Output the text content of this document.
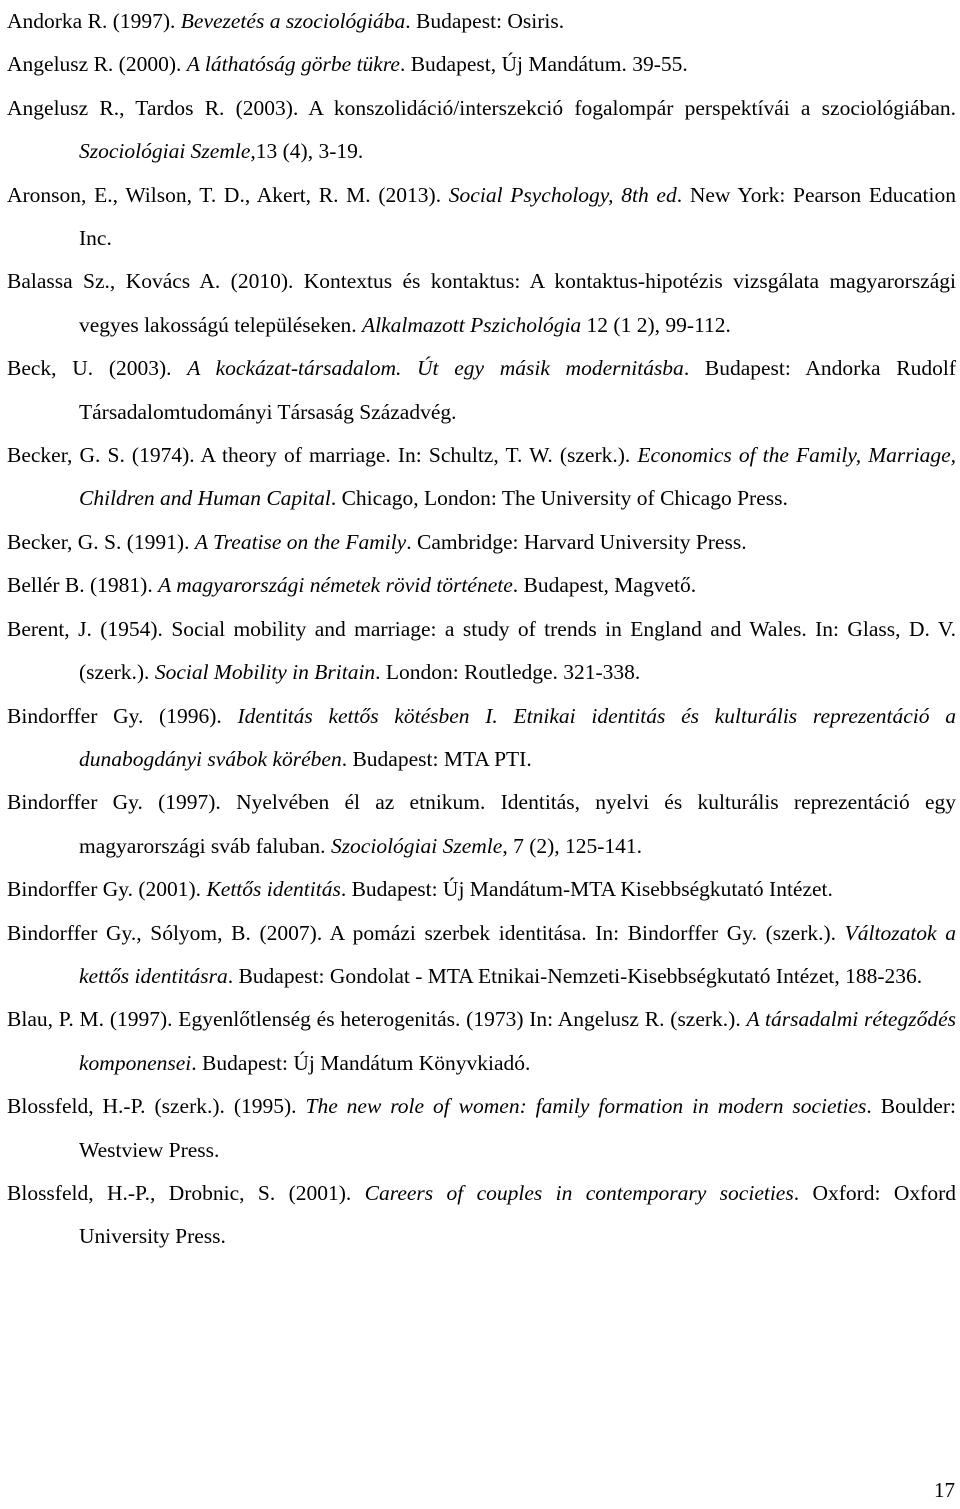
Andorka R. (1997). Bevezetés a szociológiába. Budapest: Osiris.

Angelusz R. (2000). A láthatóság görbe tükre. Budapest, Új Mandátum. 39-55.

Angelusz R., Tardos R. (2003). A konszolidáció/interszekció fogalompár perspektívái a szociológiában. Szociológiai Szemle,13 (4), 3-19.

Aronson, E., Wilson, T. D., Akert, R. M. (2013). Social Psychology, 8th ed. New York: Pearson Education Inc.

Balassa Sz., Kovács A. (2010). Kontextus és kontaktus: A kontaktus-hipotézis vizsgálata magyarországi vegyes lakosságú településeken. Alkalmazott Pszichológia 12 (1 2), 99-112.

Beck, U. (2003). A kockázat-társadalom. Út egy másik modernitásba. Budapest: Andorka Rudolf Társadalomtudományi Társaság Századvég.

Becker, G. S. (1974). A theory of marriage. In: Schultz, T. W. (szerk.). Economics of the Family, Marriage, Children and Human Capital. Chicago, London: The University of Chicago Press.

Becker, G. S. (1991). A Treatise on the Family. Cambridge: Harvard University Press.

Bellér B. (1981). A magyarországi németek rövid története. Budapest, Magvető.

Berent, J. (1954). Social mobility and marriage: a study of trends in England and Wales. In: Glass, D. V. (szerk.). Social Mobility in Britain. London: Routledge. 321-338.

Bindorffer Gy. (1996). Identitás kettős kötésben I. Etnikai identitás és kulturális reprezentáció a dunabogdányi svábok körében. Budapest: MTA PTI.

Bindorffer Gy. (1997). Nyelvében él az etnikum. Identitás, nyelvi és kulturális reprezentáció egy magyarországi sváb faluban. Szociológiai Szemle, 7 (2), 125-141.

Bindorffer Gy. (2001). Kettős identitás. Budapest: Új Mandátum-MTA Kisebbségkutató Intézet.

Bindorffer Gy., Sólyom, B. (2007). A pomázi szerbek identitása. In: Bindorffer Gy. (szerk.). Változatok a kettős identitásra. Budapest: Gondolat - MTA Etnikai-Nemzeti-Kisebbségkutató Intézet, 188-236.

Blau, P. M. (1997). Egyenlőtlenség és heterogenitás. (1973) In: Angelusz R. (szerk.). A társadalmi rétegződés komponensei. Budapest: Új Mandátum Könyvkiadó.

Blossfeld, H.-P. (szerk.). (1995). The new role of women: family formation in modern societies. Boulder: Westview Press.

Blossfeld, H.-P., Drobnic, S. (2001). Careers of couples in contemporary societies. Oxford: Oxford University Press.

17
